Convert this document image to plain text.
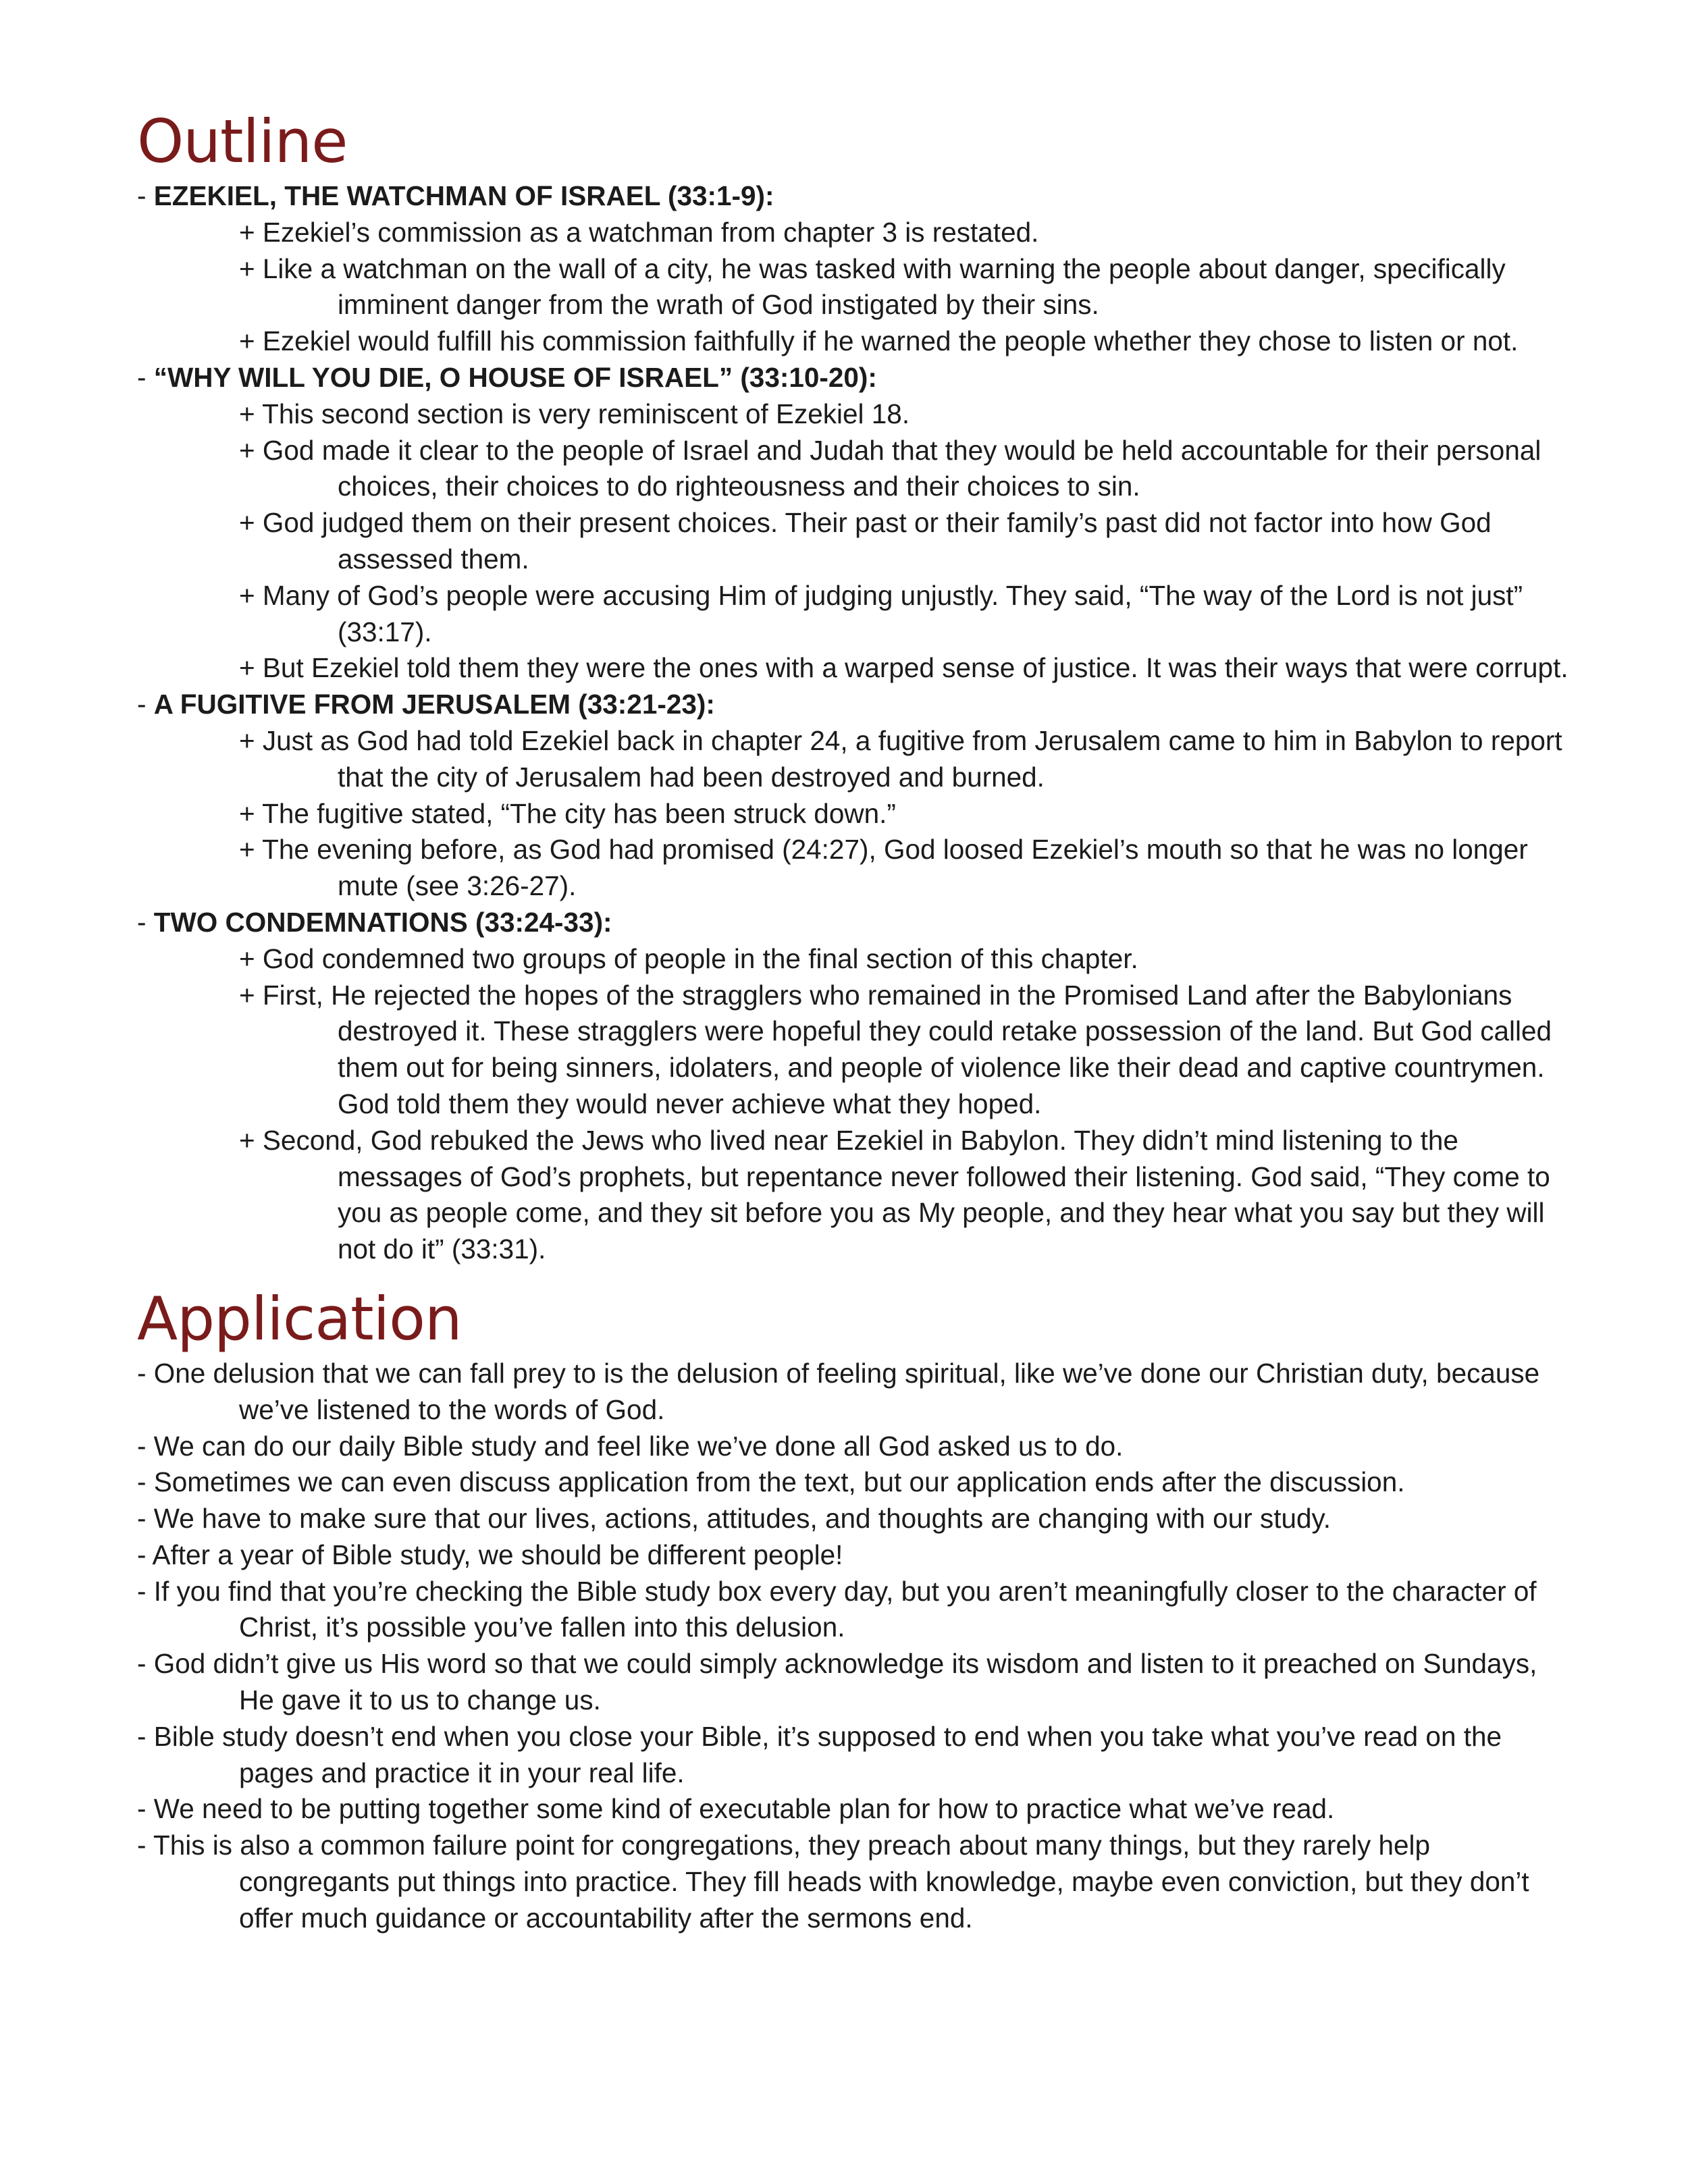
Outline

- EZEKIEL, THE WATCHMAN OF ISRAEL (33:1-9):

+ Ezekiel’s commission as a watchman from chapter 3 is restated.

+ Like a watchman on the wall of a city, he was tasked with warning the people about danger, specifically imminent danger from the wrath of God instigated by their sins.

+ Ezekiel would fulfill his commission faithfully if he warned the people whether they chose to listen or not.

- “WHY WILL YOU DIE, O HOUSE OF ISRAEL” (33:10-20):

+ This second section is very reminiscent of Ezekiel 18.

+ God made it clear to the people of Israel and Judah that they would be held accountable for their personal choices, their choices to do righteousness and their choices to sin.

+ God judged them on their present choices. Their past or their family’s past did not factor into how God assessed them.

+ Many of God’s people were accusing Him of judging unjustly. They said, “The way of the Lord is not just” (33:17).

+ But Ezekiel told them they were the ones with a warped sense of justice. It was their ways that were corrupt.

- A FUGITIVE FROM JERUSALEM (33:21-23):

+ Just as God had told Ezekiel back in chapter 24, a fugitive from Jerusalem came to him in Babylon to report that the city of Jerusalem had been destroyed and burned.

+ The fugitive stated, “The city has been struck down.”

+ The evening before, as God had promised (24:27), God loosed Ezekiel’s mouth so that he was no longer mute (see 3:26-27).

- TWO CONDEMNATIONS (33:24-33):

+ God condemned two groups of people in the final section of this chapter.

+ First, He rejected the hopes of the stragglers who remained in the Promised Land after the Babylonians destroyed it. These stragglers were hopeful they could retake possession of the land. But God called them out for being sinners, idolaters, and people of violence like their dead and captive countrymen. God told them they would never achieve what they hoped.

+ Second, God rebuked the Jews who lived near Ezekiel in Babylon. They didn’t mind listening to the messages of God’s prophets, but repentance never followed their listening. God said, “They come to you as people come, and they sit before you as My people, and they hear what you say but they will not do it” (33:31).

Application

- One delusion that we can fall prey to is the delusion of feeling spiritual, like we’ve done our Christian duty, because we’ve listened to the words of God.

- We can do our daily Bible study and feel like we’ve done all God asked us to do.

- Sometimes we can even discuss application from the text, but our application ends after the discussion.

- We have to make sure that our lives, actions, attitudes, and thoughts are changing with our study.

- After a year of Bible study, we should be different people!

- If you find that you’re checking the Bible study box every day, but you aren’t meaningfully closer to the character of Christ, it’s possible you’ve fallen into this delusion.

- God didn’t give us His word so that we could simply acknowledge its wisdom and listen to it preached on Sundays, He gave it to us to change us.

- Bible study doesn’t end when you close your Bible, it’s supposed to end when you take what you’ve read on the pages and practice it in your real life.

- We need to be putting together some kind of executable plan for how to practice what we’ve read.

- This is also a common failure point for congregations, they preach about many things, but they rarely help congregants put things into practice. They fill heads with knowledge, maybe even conviction, but they don’t offer much guidance or accountability after the sermons end.
